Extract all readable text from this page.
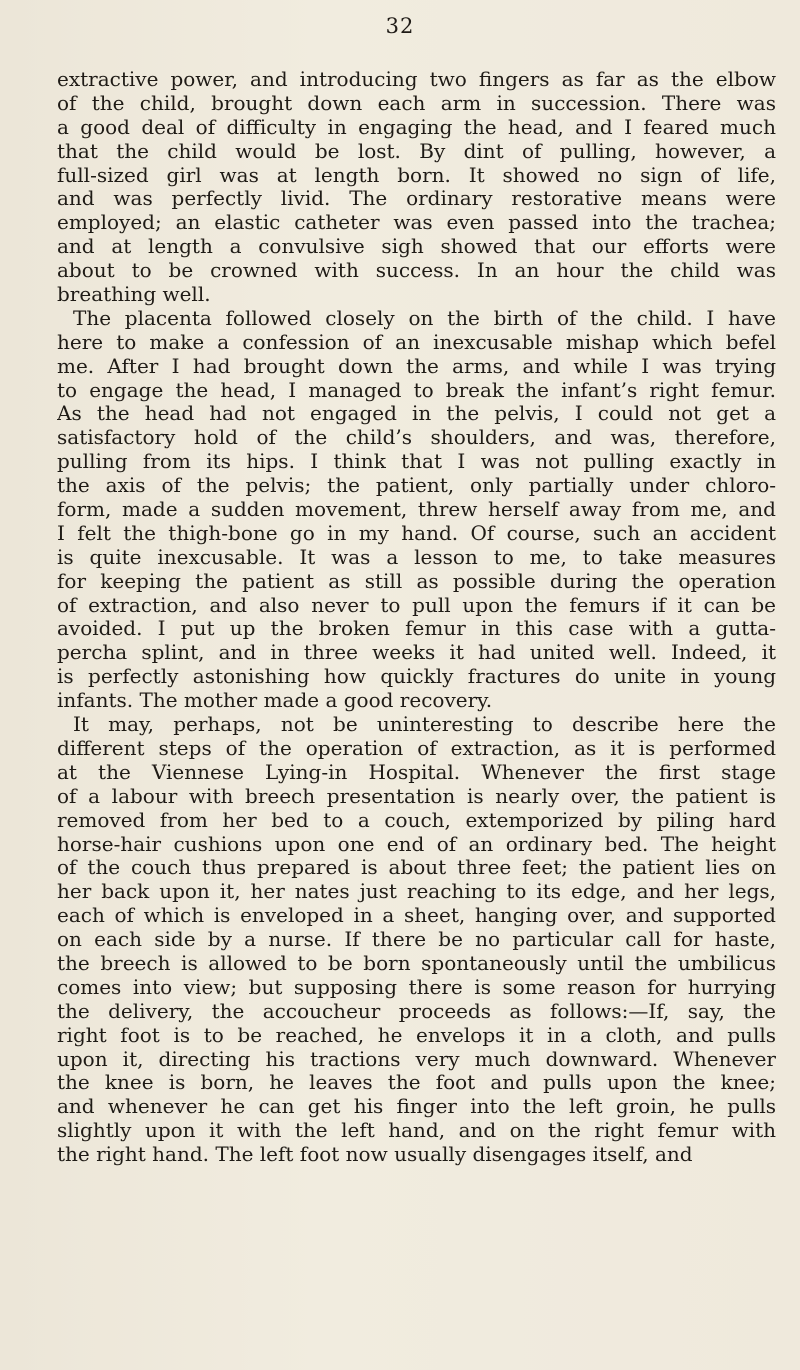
32

extractive power, and introducing two fingers as far as the elbow
of the child, brought down each arm in succession. There was
a good deal of difficulty in engaging the head, and I feared much
that the child would be lost. By dint of pulling, however, a
full-sized girl was at length born. It showed no sign of life,
and was perfectly livid. The ordinary restorative means were
employed; an elastic catheter was even passed into the trachea;
and at length a convulsive sigh showed that our efforts were
about to be crowned with success. In an hour the child was
breathing well.

The placenta followed closely on the birth of the child. I have
here to make a confession of an inexcusable mishap which befel
me. After I had brought down the arms, and while I was trying
to engage the head, I managed to break the infant’s right femur.
As the head had not engaged in the pelvis, I could not get a
satisfactory hold of the child’s shoulders, and was, therefore,
pulling from its hips. I think that I was not pulling exactly in
the axis of the pelvis; the patient, only partially under chloro-
form, made a sudden movement, threw herself away from me, and
I felt the thigh-bone go in my hand. Of course, such an accident
is quite inexcusable. It was a lesson to me, to take measures
for keeping the patient as still as possible during the operation
of extraction, and also never to pull upon the femurs if it can be
avoided. I put up the broken femur in this case with a gutta-
percha splint, and in three weeks it had united well. Indeed, it
is perfectly astonishing how quickly fractures do unite in young
infants. The mother made a good recovery.

It may, perhaps, not be uninteresting to describe here the
different steps of the operation of extraction, as it is performed
at the Viennese Lying-in Hospital. Whenever the first stage
of a labour with breech presentation is nearly over, the patient is
removed from her bed to a couch, extemporized by piling hard
horse-hair cushions upon one end of an ordinary bed. The height
of the couch thus prepared is about three feet; the patient lies on
her back upon it, her nates just reaching to its edge, and her legs,
each of which is enveloped in a sheet, hanging over, and supported
on each side by a nurse. If there be no particular call for haste,
the breech is allowed to be born spontaneously until the umbilicus
comes into view; but supposing there is some reason for hurrying
the delivery, the accoucheur proceeds as follows:—If, say, the
right foot is to be reached, he envelops it in a cloth, and pulls
upon it, directing his tractions very much downward. Whenever
the knee is born, he leaves the foot and pulls upon the knee;
and whenever he can get his finger into the left groin, he pulls
slightly upon it with the left hand, and on the right femur with
the right hand. The left foot now usually disengages itself, and
